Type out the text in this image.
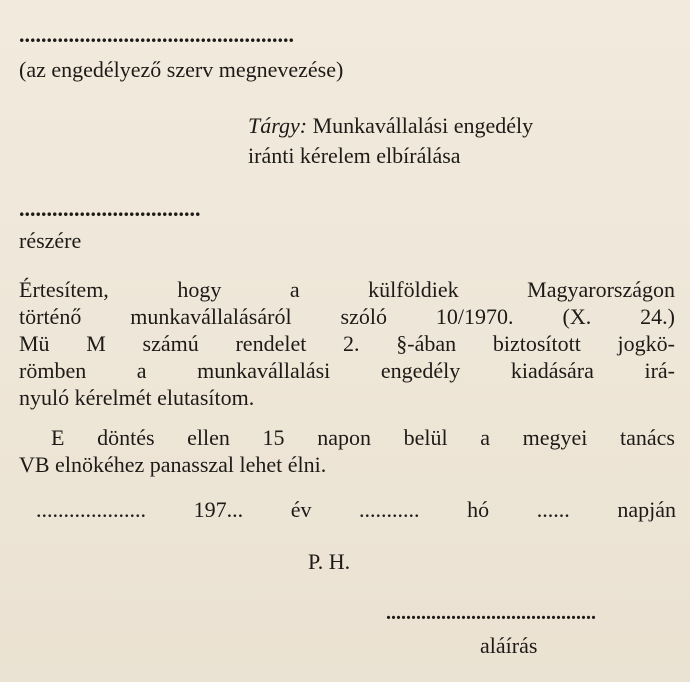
..................................................
(az engedélyező szerv megnevezése)
Tárgy: Munkavállalási engedély
iránti kérelem elbírálása
.................................
részére
Értesítem, hogy a külföldiek Magyarországon
történő munkavállalásáról szóló 10/1970. (X. 24.)
Mü M számú rendelet 2. §-ában biztosított jogkö-
römben a munkavállalási engedély kiadására irá-
nyuló kérelmét elutasítom.
E döntés ellen 15 napon belül a megyei tanács
VB elnökéhez panasszal lehet élni.
.................... 197... év ........... hó ...... napján
P. H.
..........................................
aláírás
